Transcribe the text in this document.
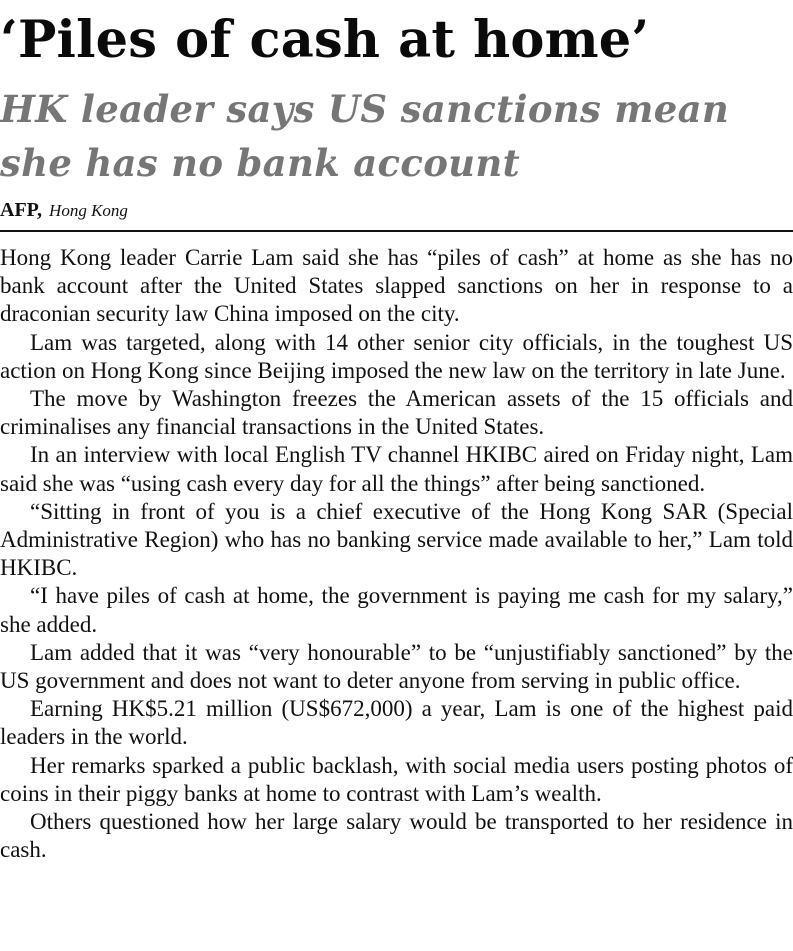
‘Piles of cash at home’
HK leader says US sanctions mean she has no bank account
AFP, Hong Kong

Hong Kong leader Carrie Lam said she has “piles of cash” at home as she has no bank account after the United States slapped sanctions on her in response to a draconian security law China imposed on the city.

Lam was targeted, along with 14 other senior city officials, in the toughest US action on Hong Kong since Beijing imposed the new law on the territory in late June.

The move by Washington freezes the American assets of the 15 officials and criminalises any financial transactions in the United States.

In an interview with local English TV channel HKIBC aired on Friday night, Lam said she was “using cash every day for all the things” after being sanctioned.

“Sitting in front of you is a chief executive of the Hong Kong SAR (Special Administrative Region) who has no banking service made available to her,” Lam told HKIBC.

“I have piles of cash at home, the government is paying me cash for my salary,” she added.

Lam added that it was “very honourable” to be “unjustifiably sanctioned” by the US government and does not want to deter anyone from serving in public office.

Earning HK$5.21 million (US$672,000) a year, Lam is one of the highest paid leaders in the world.

Her remarks sparked a public backlash, with social media users posting photos of coins in their piggy banks at home to contrast with Lam’s wealth.

Others questioned how her large salary would be transported to her residence in cash.
